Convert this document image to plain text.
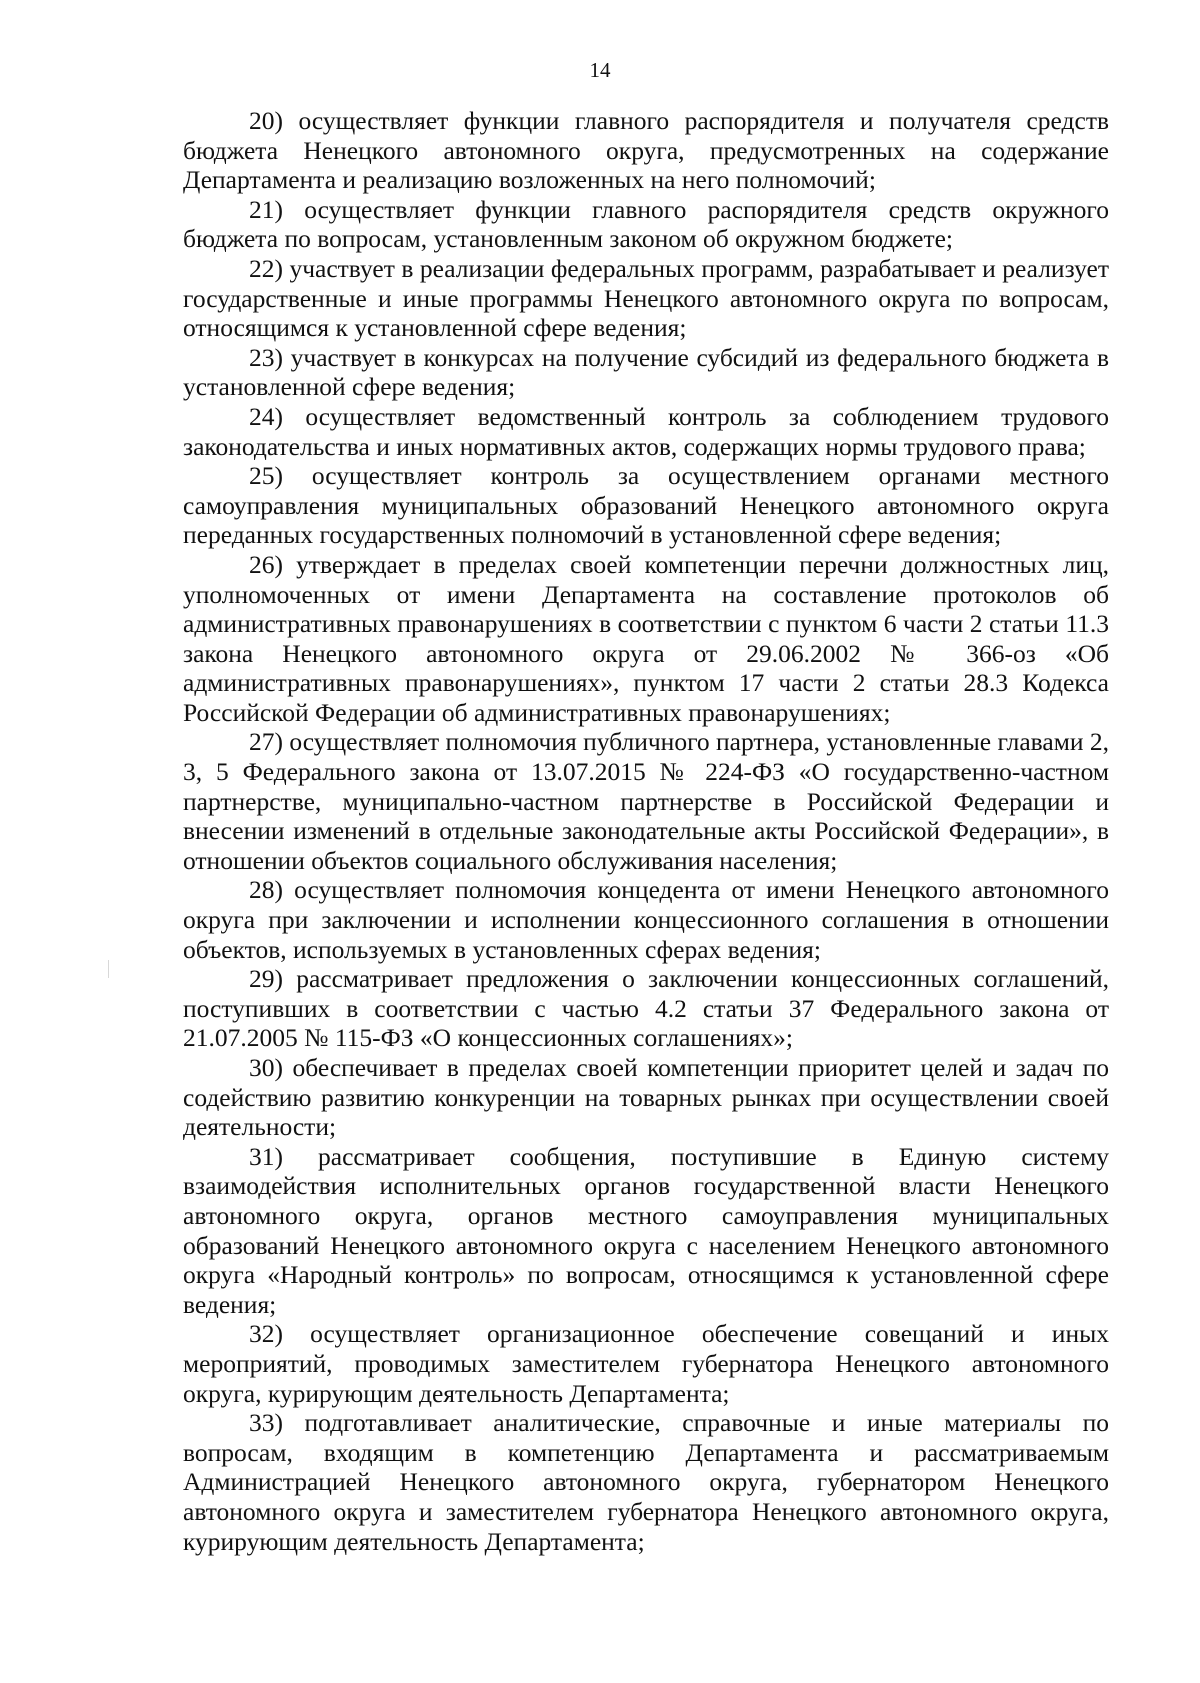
14

20) осуществляет функции главного распорядителя и получателя средств бюджета Ненецкого автономного округа, предусмотренных на содержание Департамента и реализацию возложенных на него полномочий;

21) осуществляет функции главного распорядителя средств окружного бюджета по вопросам, установленным законом об окружном бюджете;

22) участвует в реализации федеральных программ, разрабатывает и реализует государственные и иные программы Ненецкого автономного округа по вопросам, относящимся к установленной сфере ведения;

23) участвует в конкурсах на получение субсидий из федерального бюджета в установленной сфере ведения;

24) осуществляет ведомственный контроль за соблюдением трудового законодательства и иных нормативных актов, содержащих нормы трудового права;

25) осуществляет контроль за осуществлением органами местного самоуправления муниципальных образований Ненецкого автономного округа переданных государственных полномочий в установленной сфере ведения;

26) утверждает в пределах своей компетенции перечни должностных лиц, уполномоченных от имени Департамента на составление протоколов об административных правонарушениях в соответствии с пунктом 6 части 2 статьи 11.3 закона Ненецкого автономного округа от 29.06.2002 № 366-оз «Об административных правонарушениях», пунктом 17 части 2 статьи 28.3 Кодекса Российской Федерации об административных правонарушениях;

27) осуществляет полномочия публичного партнера, установленные главами 2, 3, 5 Федерального закона от 13.07.2015 № 224-ФЗ «О государственно-частном партнерстве, муниципально-частном партнерстве в Российской Федерации и внесении изменений в отдельные законодательные акты Российской Федерации», в отношении объектов социального обслуживания населения;

28) осуществляет полномочия концедента от имени Ненецкого автономного округа при заключении и исполнении концессионного соглашения в отношении объектов, используемых в установленных сферах ведения;

29) рассматривает предложения о заключении концессионных соглашений, поступивших в соответствии с частью 4.2 статьи 37 Федерального закона от 21.07.2005 № 115-ФЗ «О концессионных соглашениях»;

30) обеспечивает в пределах своей компетенции приоритет целей и задач по содействию развитию конкуренции на товарных рынках при осуществлении своей деятельности;

31) рассматривает сообщения, поступившие в Единую систему взаимодействия исполнительных органов государственной власти Ненецкого автономного округа, органов местного самоуправления муниципальных образований Ненецкого автономного округа с населением Ненецкого автономного округа «Народный контроль» по вопросам, относящимся к установленной сфере ведения;

32) осуществляет организационное обеспечение совещаний и иных мероприятий, проводимых заместителем губернатора Ненецкого автономного округа, курирующим деятельность Департамента;

33) подготавливает аналитические, справочные и иные материалы по вопросам, входящим в компетенцию Департамента и рассматриваемым Администрацией Ненецкого автономного округа, губернатором Ненецкого автономного округа и заместителем губернатора Ненецкого автономного округа, курирующим деятельность Департамента;
